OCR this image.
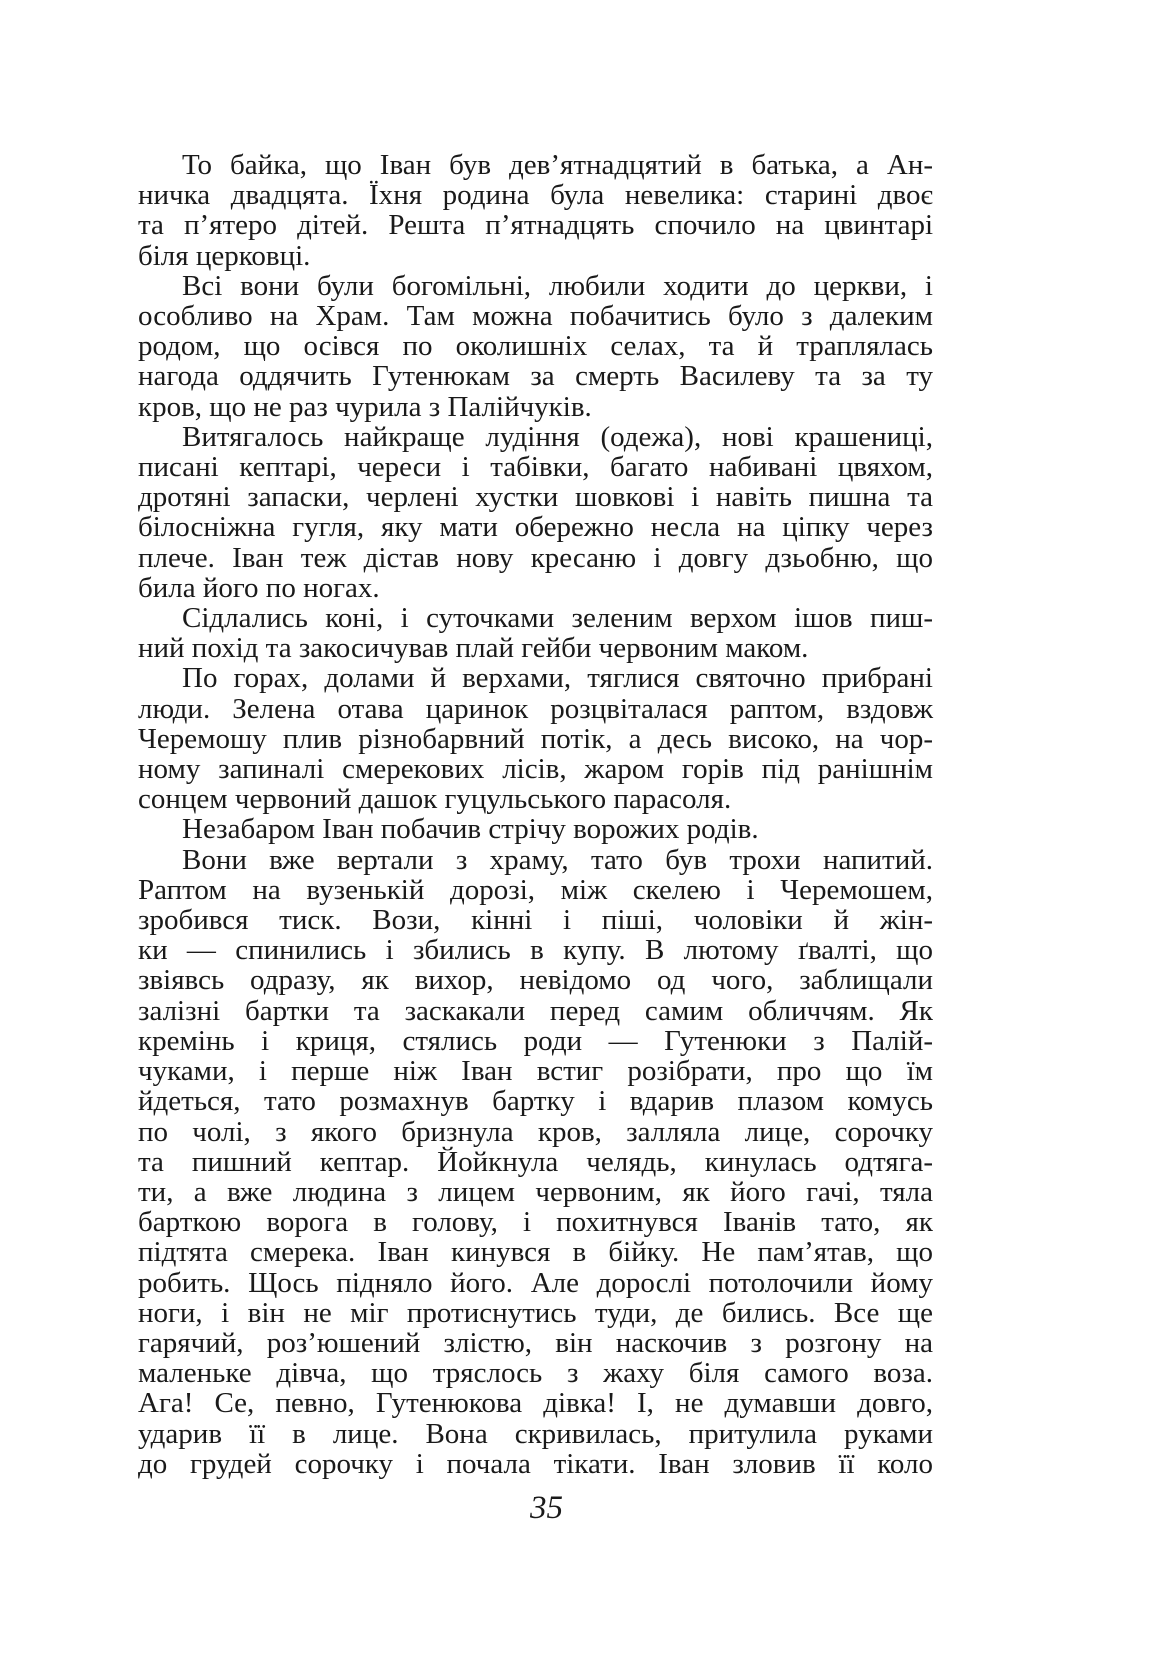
То байка, що Іван був дев’ятнадцятий в батька, а Ан-
ничка двадцята. Їхня родина була невелика: старині двоє
та п’ятеро дітей. Решта п’ятнадцять спочило на цвинтарі
біля церковці.

Всі вони були богомільні, любили ходити до церкви, і
особливо на Храм. Там можна побачитись було з далеким
родом, що осівся по околишніх селах, та й траплялась
нагода оддячить Гутенюкам за смерть Василеву та за ту
кров, що не раз чурила з Палійчуків.

Витягалось найкраще лудіння (одежа), нові крашениці,
писані кептарі, череси і табівки, багато набивані цвяхом,
дротяні запаски, черлені хустки шовкові і навіть пишна та
білосніжна гугля, яку мати обережно несла на ціпку через
плече. Іван теж дістав нову кресаню і довгу дзьобню, що
била його по ногах.

Сідлались коні, і суточками зеленим верхом ішов пиш-
ний похід та закосичував плай гейби червоним маком.

По горах, долами й верхами, тяглися святочно прибрані
люди. Зелена отава царинок розцвіталася раптом, вздовж
Черемошу плив різнобарвний потік, а десь високо, на чор-
ному запиналі смерекових лісів, жаром горів під ранішнім
сонцем червоний дашок гуцульського парасоля.

Незабаром Іван побачив стрічу ворожих родів.

Вони вже вертали з храму, тато був трохи напитий.
Раптом на вузенькій дорозі, між скелею і Черемошем,
зробився тиск. Вози, кінні і піші, чоловіки й жін-
ки — спинились і збились в купу. В лютому ґвалті, що
звіявсь одразу, як вихор, невідомо од чого, заблищали
залізні бартки та заскакали перед самим обличчям. Як
кремінь і криця, стялись роди — Гутенюки з Палій-
чуками, і перше ніж Іван встиг розібрати, про що їм
йдеться, тато розмахнув бартку і вдарив плазом комусь
по чолі, з якого бризнула кров, залляла лице, сорочку
та пишний кептар. Йойкнула челядь, кинулась одтяга-
ти, а вже людина з лицем червоним, як його гачі, тяла
барткою ворога в голову, і похитнувся Іванів тато, як
підтята смерека. Іван кинувся в бійку. Не пам’ятав, що
робить. Щось підняло його. Але дорослі потолочили йому
ноги, і він не міг протиснутись туди, де бились. Все ще
гарячий, роз’юшений злістю, він наскочив з розгону на
маленьке дівча, що тряслось з жаху біля самого воза.
Ага! Се, певно, Гутенюкова дівка! І, не думавши довго,
ударив її в лице. Вона скривилась, притулила руками
до грудей сорочку і почала тікати. Іван зловив її коло

35
